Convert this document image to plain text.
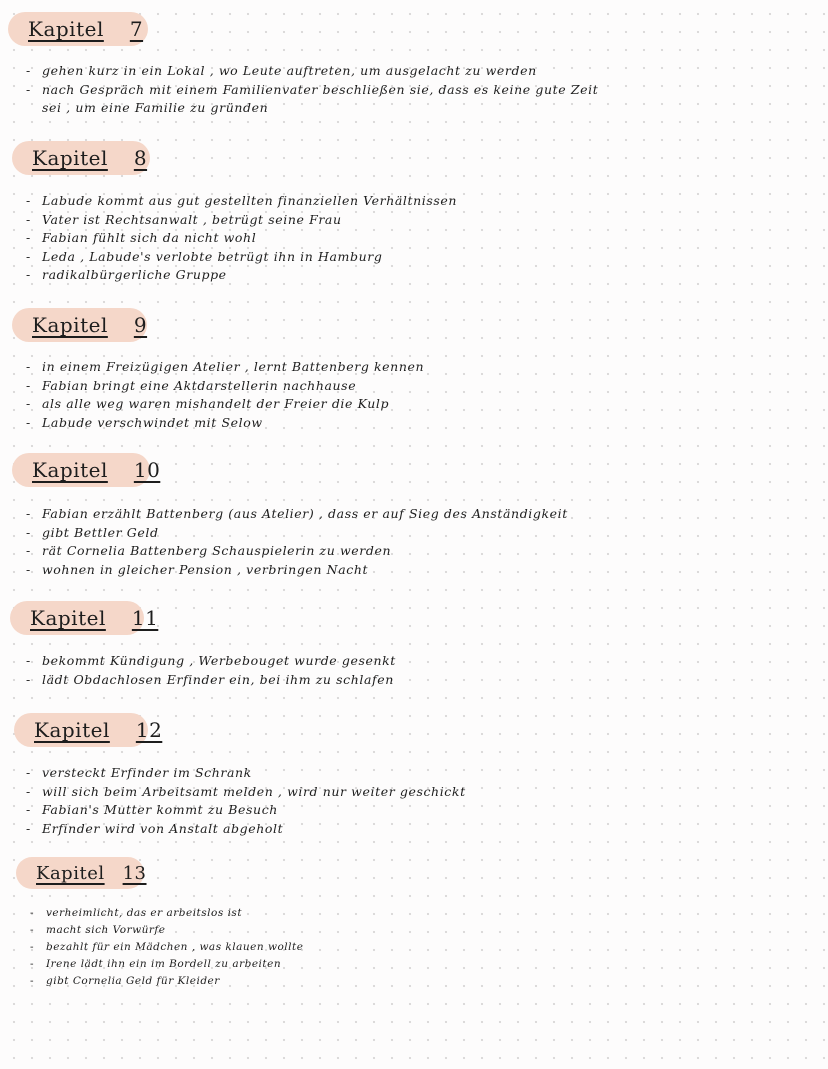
Kapitel 7
- gehen kurz in ein Lokal , wo Leute auftreten, um ausgelacht zu werden
- nach Gespräch mit einem Familienvater beschließen sie, dass es keine gute Zeit
sei , um eine Familie zu gründen
Kapitel 8
- Labude kommt aus gut gestellten finanziellen Verhältnissen
- Vater ist Rechtsanwalt , betrügt seine Frau
- Fabian fühlt sich da nicht wohl
- Leda , Labude's verlobte betrügt ihn in Hamburg
- radikalbürgerliche Gruppe
Kapitel 9
- in einem Freizügigen Atelier , lernt Battenberg kennen
- Fabian bringt eine Aktdarstellerin nachhause
- als alle weg waren mishandelt der Freier die Kulp
- Labude verschwindet mit Selow
Kapitel 10
- Fabian erzählt Battenberg (aus Atelier) , dass er auf Sieg des Anständigkeit
- gibt Bettler Geld
- rät Cornelia Battenberg Schauspielerin zu werden
- wohnen in gleicher Pension , verbringen Nacht
Kapitel 11
- bekommt Kündigung , Werbebouget wurde gesenkt
- lädt Obdachlosen Erfinder ein, bei ihm zu schlafen
Kapitel 12
- versteckt Erfinder im Schrank
- will sich beim Arbeitsamt melden , wird nur weiter geschickt
- Fabian's Mutter kommt zu Besuch
- Erfinder wird von Anstalt abgeholt
Kapitel 13
- verheimlicht, das er arbeitslos ist
- macht sich Vorwürfe
- bezahlt für ein Mädchen , was klauen wollte
- Irene lädt ihn ein im Bordell zu arbeiten
- gibt Cornelia Geld für Kleider
